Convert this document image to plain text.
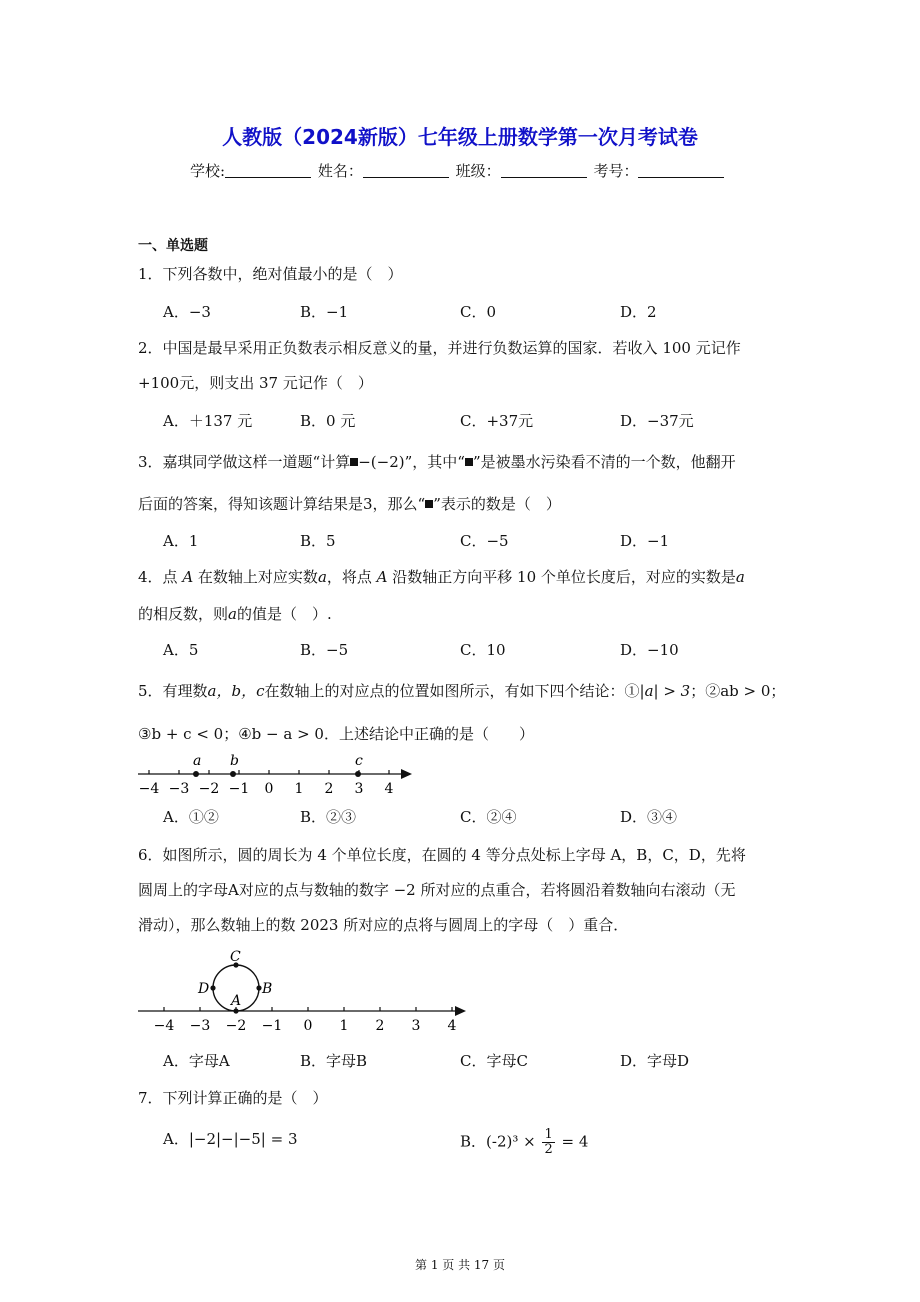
人教版（2024新版）七年级上册数学第一次月考试卷
学校:	姓名：	班级：	考号：
一、单选题
1．下列各数中，绝对值最小的是（　）
A．−3	B．−1	C．0	D．2
2．中国是最早采用正负数表示相反意义的量，并进行负数运算的国家．若收入 100 元记作
+100元，则支出 37 元记作（　）
A．＋137 元	B．0 元	C．+37元	D．−37元
3．嘉琪同学做这样一道题“计算 −(−2)”，其中“ ”是被墨水污染看不清的一个数，他翻开
后面的答案，得知该题计算结果是3，那么“ ”表示的数是（　）
A．1	B．5	C．−5	D．−1
4．点 A 在数轴上对应实数a，将点 A 沿数轴正方向平移 10 个单位长度后，对应的实数是a
的相反数，则a的值是（　）.
A．5	B．−5	C．10	D．−10
5．有理数a，b，c在数轴上的对应点的位置如图所示，有如下四个结论：①|a| > 3；②ab > 0；
③b + c < 0；④b − a > 0．上述结论中正确的是（　　）
−4 −3 −2 −1 0 1 2 3 4
a b	c
A．①②	B．②③	C．②④	D．③④
6．如图所示，圆的周长为 4 个单位长度，在圆的 4 等分点处标上字母 A，B，C，D，先将
圆周上的字母A对应的点与数轴的数字 −2 所对应的点重合，若将圆沿着数轴向右滚动（无
滑动），那么数轴上的数 2023 所对应的点将与圆周上的字母（　）重合．
A
B
C
D
−4 −3 −2 −1 0 1 2 3 4
A．字母A	B．字母B	C．字母C	D．字母D
7．下列计算正确的是（　）
A．|−2|−|−5| = 3	B．$(-2)^3 \times \frac{1}{2} = 4$
第 1 页 共 17 页
